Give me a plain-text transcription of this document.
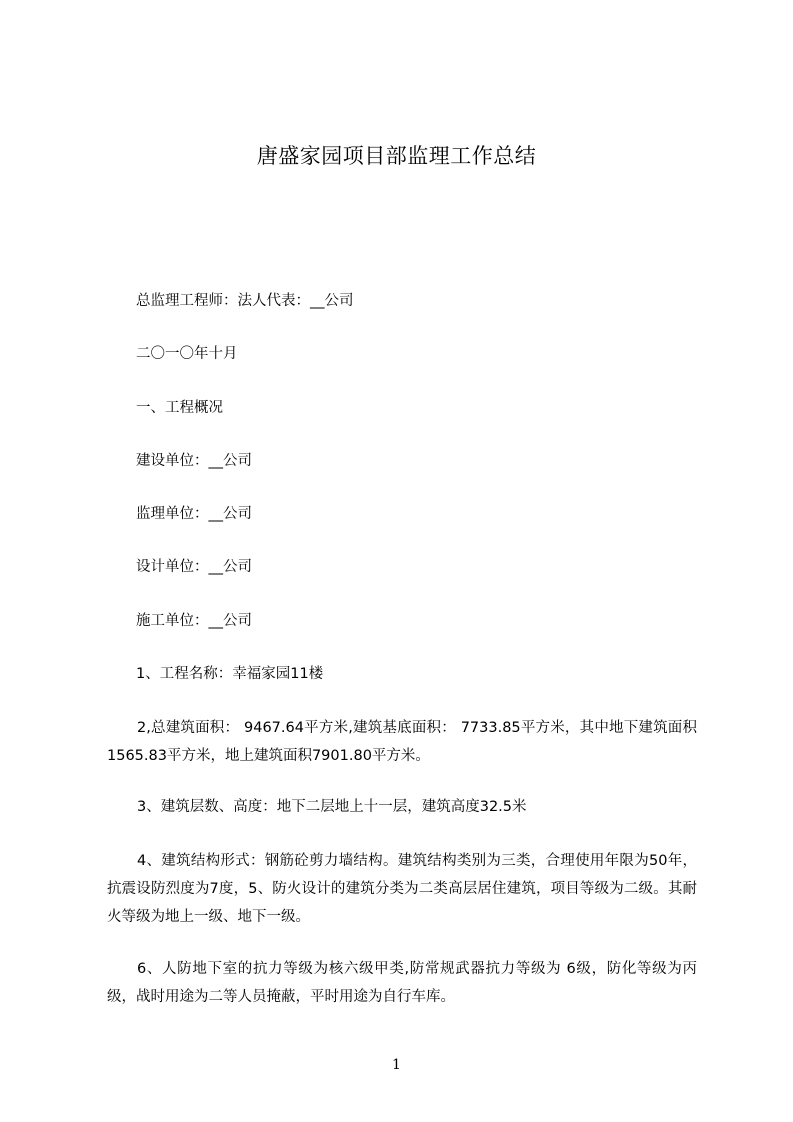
唐盛家园项目部监理工作总结
总监理工程师：法人代表：__公司
二〇一〇年十月
一、工程概况
建设单位：__公司
监理单位：__公司
设计单位：__公司
施工单位：__公司
1、工程名称：幸福家园11楼
2,总建筑面积： 9467.64平方米,建筑基底面积： 7733.85平方米，其中地下建筑面积1565.83平方米，地上建筑面积7901.80平方米。
3、建筑层数、高度：地下二层地上十一层，建筑高度32.5米
4、建筑结构形式：钢筋砼剪力墙结构。建筑结构类别为三类，合理使用年限为50年，抗震设防烈度为7度，5、防火设计的建筑分类为二类高层居住建筑，项目等级为二级。其耐火等级为地上一级、地下一级。
6、人防地下室的抗力等级为核六级甲类,防常规武器抗力等级为 6级，防化等级为丙级，战时用途为二等人员掩蔽，平时用途为自行车库。
1
